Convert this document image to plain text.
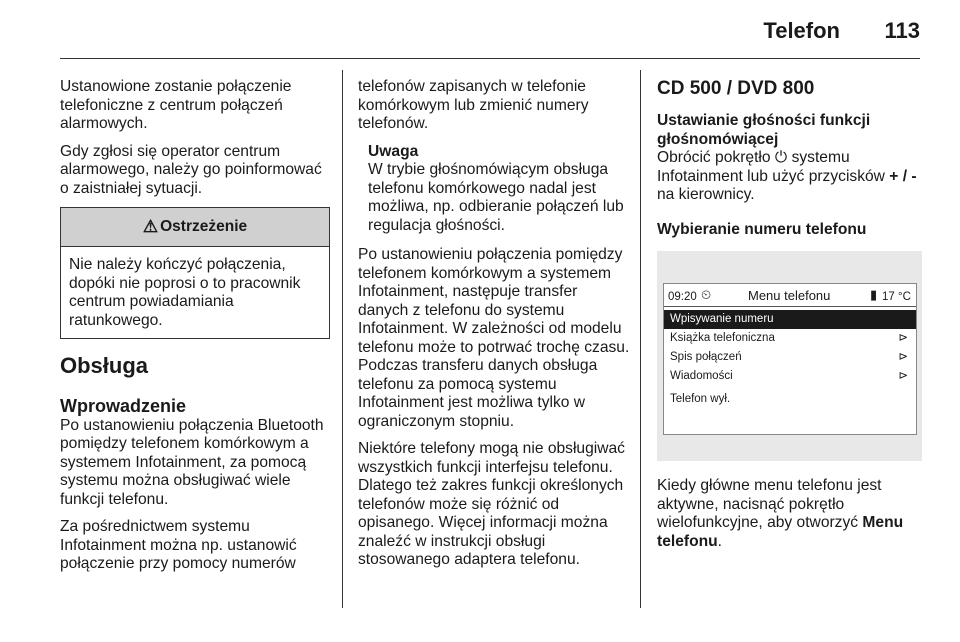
Telefon 113

Ustanowione zostanie połączenie telefoniczne z centrum połączeń alarmowych.

Gdy zgłosi się operator centrum alarmowego, należy go poinformować o zaistniałej sytuacji.

⚠ Ostrzeżenie
Nie należy kończyć połączenia, dopóki nie poprosi o to pracownik centrum powiadamiania ratunkowego.
Obsługa
Wprowadzenie

Po ustanowieniu połączenia Bluetooth pomiędzy telefonem komórkowym a systemem Infotainment, za pomocą systemu można obsługiwać wiele funkcji telefonu.

Za pośrednictwem systemu Infotainment można np. ustanowić połączenie przy pomocy numerów

telefonów zapisanych w telefonie komórkowym lub zmienić numery telefonów.

Uwaga
W trybie głośnomówiącym obsługa telefonu komórkowego nadal jest możliwa, np. odbieranie połączeń lub regulacja głośności.

Po ustanowieniu połączenia pomiędzy telefonem komórkowym a systemem Infotainment, następuje transfer danych z telefonu do systemu Infotainment. W zależności od modelu telefonu może to potrwać trochę czasu. Podczas transferu danych obsługa telefonu za pomocą systemu Infotainment jest możliwa tylko w ograniczonym stopniu.

Niektóre telefony mogą nie obsługiwać wszystkich funkcji interfejsu telefonu. Dlatego też zakres funkcji określonych telefonów może się różnić od opisanego. Więcej informacji można znaleźć w instrukcji obsługi stosowanego adaptera telefonu.

CD 500 / DVD 800
Ustawianie głośności funkcji głośnomówiącej

Obrócić pokrętło ⏻ systemu Infotainment lub użyć przycisków + / - na kierownicy.

Wybieranie numeru telefonu
09:20 ⏲	Menu telefonu	▮ 17 °C
Wpisywanie numeru
Książka telefoniczna	⊳
Spis połączeń	⊳
Wiadomości	⊳
Telefon wył.

Kiedy główne menu telefonu jest aktywne, nacisnąć pokrętło wielofunkcyjne, aby otworzyć Menu telefonu.
